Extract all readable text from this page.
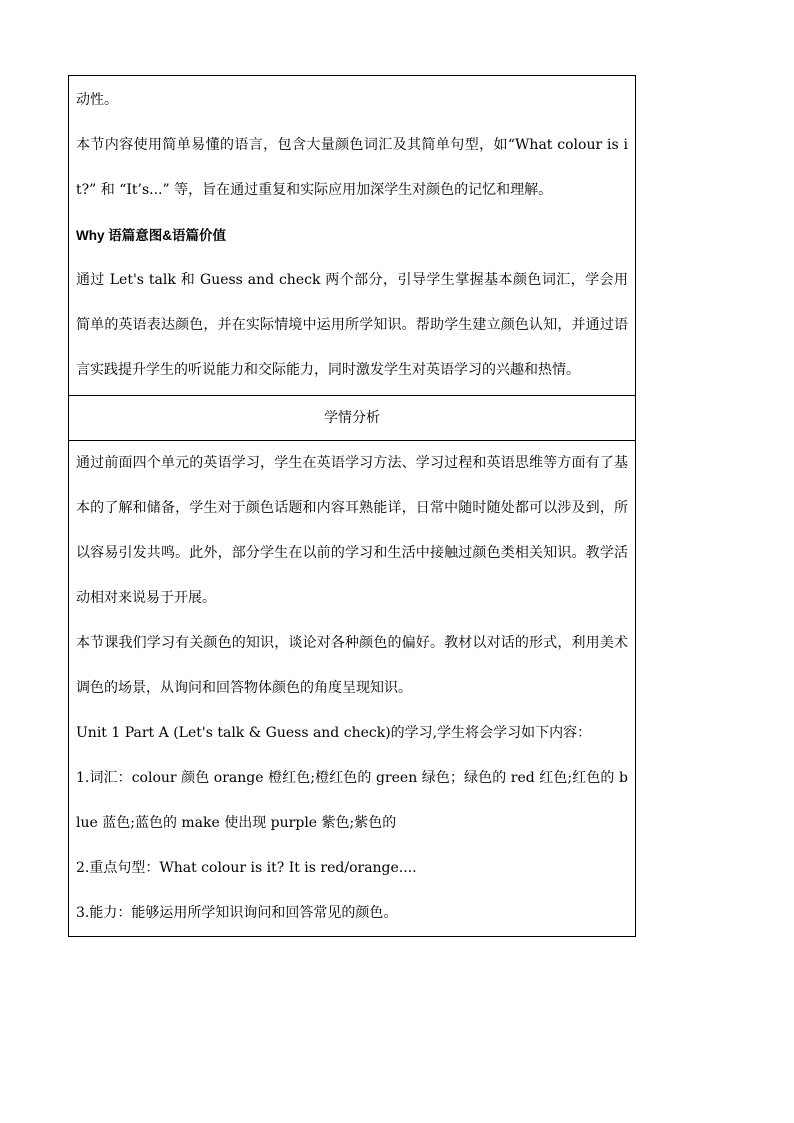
动性。

本节内容使用简单易懂的语言，包含大量颜色词汇及其简单句型，如“What colour is it?” 和 “It’s...” 等，旨在通过重复和实际应用加深学生对颜色的记忆和理解。

Why 语篇意图&语篇价值

通过 Let's talk 和 Guess and check 两个部分，引导学生掌握基本颜色词汇，学会用简单的英语表达颜色，并在实际情境中运用所学知识。帮助学生建立颜色认知，并通过语言实践提升学生的听说能力和交际能力，同时激发学生对英语学习的兴趣和热情。

学情分析

通过前面四个单元的英语学习，学生在英语学习方法、学习过程和英语思维等方面有了基本的了解和储备，学生对于颜色话题和内容耳熟能详，日常中随时随处都可以涉及到，所以容易引发共鸣。此外，部分学生在以前的学习和生活中接触过颜色类相关知识。教学活动相对来说易于开展。

本节课我们学习有关颜色的知识，谈论对各种颜色的偏好。教材以对话的形式，利用美术调色的场景，从询问和回答物体颜色的角度呈现知识。

Unit 1 Part A (Let's talk & Guess and check)的学习,学生将会学习如下内容：

1.词汇：colour 颜色 orange 橙红色;橙红色的 green 绿色；绿色的 red 红色;红色的 blue 蓝色;蓝色的 make 使出现 purple 紫色;紫色的

2.重点句型：What colour is it? It is red/orange....

3.能力：能够运用所学知识询问和回答常见的颜色。
